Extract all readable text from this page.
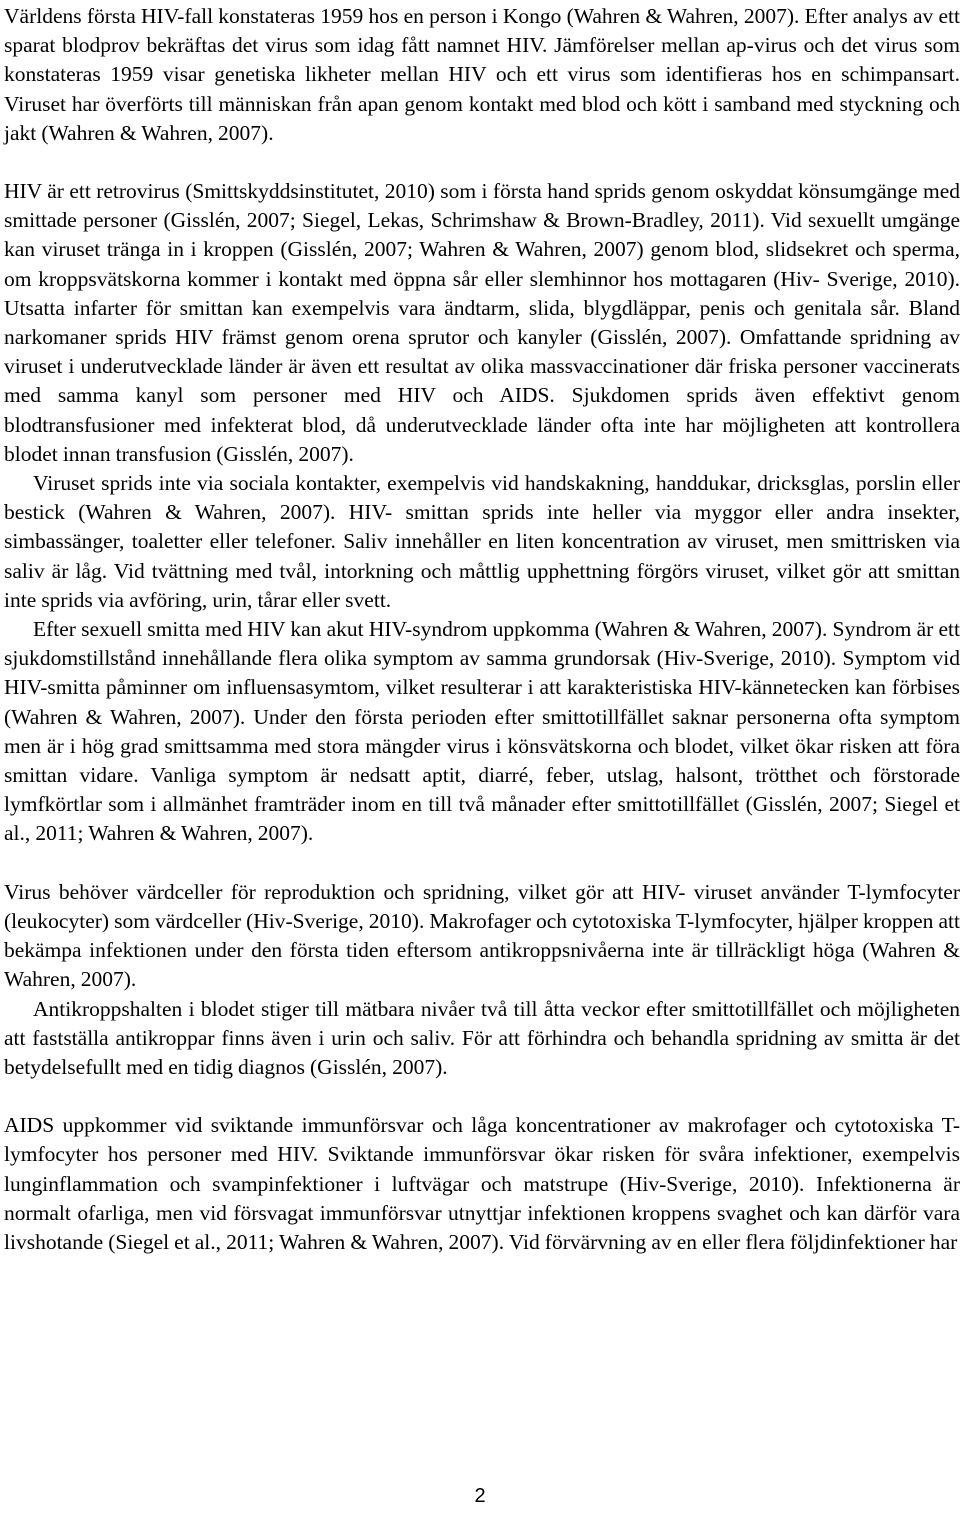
Världens första HIV-fall konstateras 1959 hos en person i Kongo (Wahren & Wahren, 2007). Efter analys av ett sparat blodprov bekräftas det virus som idag fått namnet HIV. Jämförelser mellan ap-virus och det virus som konstateras 1959 visar genetiska likheter mellan HIV och ett virus som identifieras hos en schimpansart. Viruset har överförts till människan från apan genom kontakt med blod och kött i samband med styckning och jakt (Wahren & Wahren, 2007).

HIV är ett retrovirus (Smittskyddsinstitutet, 2010) som i första hand sprids genom oskyddat könsumgänge med smittade personer (Gisslén, 2007; Siegel, Lekas, Schrimshaw & Brown-Bradley, 2011). Vid sexuellt umgänge kan viruset tränga in i kroppen (Gisslén, 2007; Wahren & Wahren, 2007) genom blod, slidsekret och sperma, om kroppsvätskorna kommer i kontakt med öppna sår eller slemhinnor hos mottagaren (Hiv- Sverige, 2010). Utsatta infarter för smittan kan exempelvis vara ändtarm, slida, blygdläppar, penis och genitala sår. Bland narkomaner sprids HIV främst genom orena sprutor och kanyler (Gisslén, 2007). Omfattande spridning av viruset i underutvecklade länder är även ett resultat av olika massvaccinationer där friska personer vaccinerats med samma kanyl som personer med HIV och AIDS. Sjukdomen sprids även effektivt genom blodtransfusioner med infekterat blod, då underutvecklade länder ofta inte har möjligheten att kontrollera blodet innan transfusion (Gisslén, 2007).

Viruset sprids inte via sociala kontakter, exempelvis vid handskakning, handdukar, dricksglas, porslin eller bestick (Wahren & Wahren, 2007). HIV- smittan sprids inte heller via myggor eller andra insekter, simbassänger, toaletter eller telefoner. Saliv innehåller en liten koncentration av viruset, men smittrisken via saliv är låg. Vid tvättning med tvål, intorkning och måttlig upphettning förgörs viruset, vilket gör att smittan inte sprids via avföring, urin, tårar eller svett.

Efter sexuell smitta med HIV kan akut HIV-syndrom uppkomma (Wahren & Wahren, 2007). Syndrom är ett sjukdomstillstånd innehållande flera olika symptom av samma grundorsak (Hiv-Sverige, 2010). Symptom vid HIV-smitta påminner om influensasymtom, vilket resulterar i att karakteristiska HIV-kännetecken kan förbises (Wahren & Wahren, 2007). Under den första perioden efter smittotillfället saknar personerna ofta symptom men är i hög grad smittsamma med stora mängder virus i könsvätskorna och blodet, vilket ökar risken att föra smittan vidare. Vanliga symptom är nedsatt aptit, diarré, feber, utslag, halsont, trötthet och förstorade lymfkörtlar som i allmänhet framträder inom en till två månader efter smittotillfället (Gisslén, 2007; Siegel et al., 2011; Wahren & Wahren, 2007).

Virus behöver värdceller för reproduktion och spridning, vilket gör att HIV- viruset använder T-lymfocyter (leukocyter) som värdceller (Hiv-Sverige, 2010). Makrofager och cytotoxiska T-lymfocyter, hjälper kroppen att bekämpa infektionen under den första tiden eftersom antikroppsnivåerna inte är tillräckligt höga (Wahren & Wahren, 2007).

Antikroppshalten i blodet stiger till mätbara nivåer två till åtta veckor efter smittotillfället och möjligheten att fastställa antikroppar finns även i urin och saliv. För att förhindra och behandla spridning av smitta är det betydelsefullt med en tidig diagnos (Gisslén, 2007).

AIDS uppkommer vid sviktande immunförsvar och låga koncentrationer av makrofager och cytotoxiska T-lymfocyter hos personer med HIV. Sviktande immunförsvar ökar risken för svåra infektioner, exempelvis lunginflammation och svampinfektioner i luftvägar och matstrupe (Hiv-Sverige, 2010). Infektionerna är normalt ofarliga, men vid försvagat immunförsvar utnyttjar infektionen kroppens svaghet och kan därför vara livshotande (Siegel et al., 2011; Wahren & Wahren, 2007). Vid förvärvning av en eller flera följdinfektioner har

2
